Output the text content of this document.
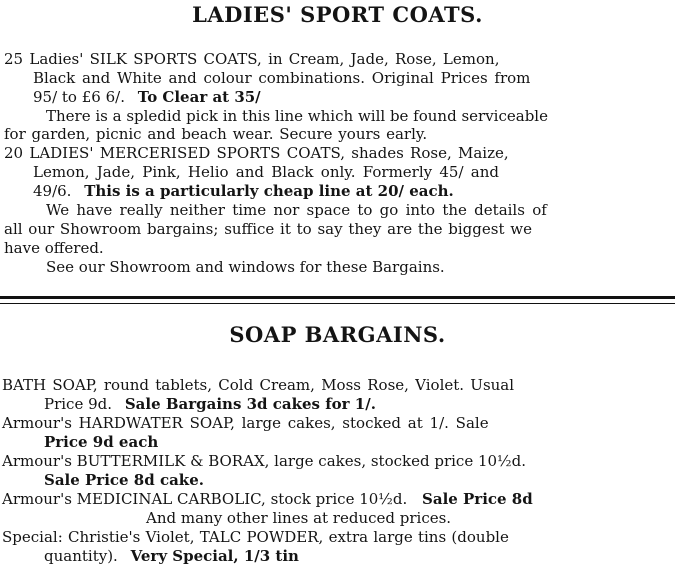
LADIES' SPORT COATS.
25 Ladies' SILK SPORTS COATS, in Cream, Jade, Rose, Lemon,
Black and White and colour combinations. Original Prices from
95/ to £6 6/. To Clear at 35/
There is a spledid pick in this line which will be found serviceable
for garden, picnic and beach wear. Secure yours early.
20 LADIES' MERCERISED SPORTS COATS, shades Rose, Maize,
Lemon, Jade, Pink, Helio and Black only. Formerly 45/ and
49/6. This is a particularly cheap line at 20/ each.
We have really neither time nor space to go into the details of
all our Showroom bargains; suffice it to say they are the biggest we
have offered.
See our Showroom and windows for these Bargains.
SOAP BARGAINS.
BATH SOAP, round tablets, Cold Cream, Moss Rose, Violet. Usual
Price 9d. Sale Bargains 3d cakes for 1/.
Armour's HARDWATER SOAP, large cakes, stocked at 1/. Sale
Price 9d each
Armour's BUTTERMILK & BORAX, large cakes, stocked price 10½d.
Sale Price 8d cake.
Armour's MEDICINAL CARBOLIC, stock price 10½d. Sale Price 8d
And many other lines at reduced prices.
Special: Christie's Violet, TALC POWDER, extra large tins (double
quantity). Very Special, 1/3 tin
